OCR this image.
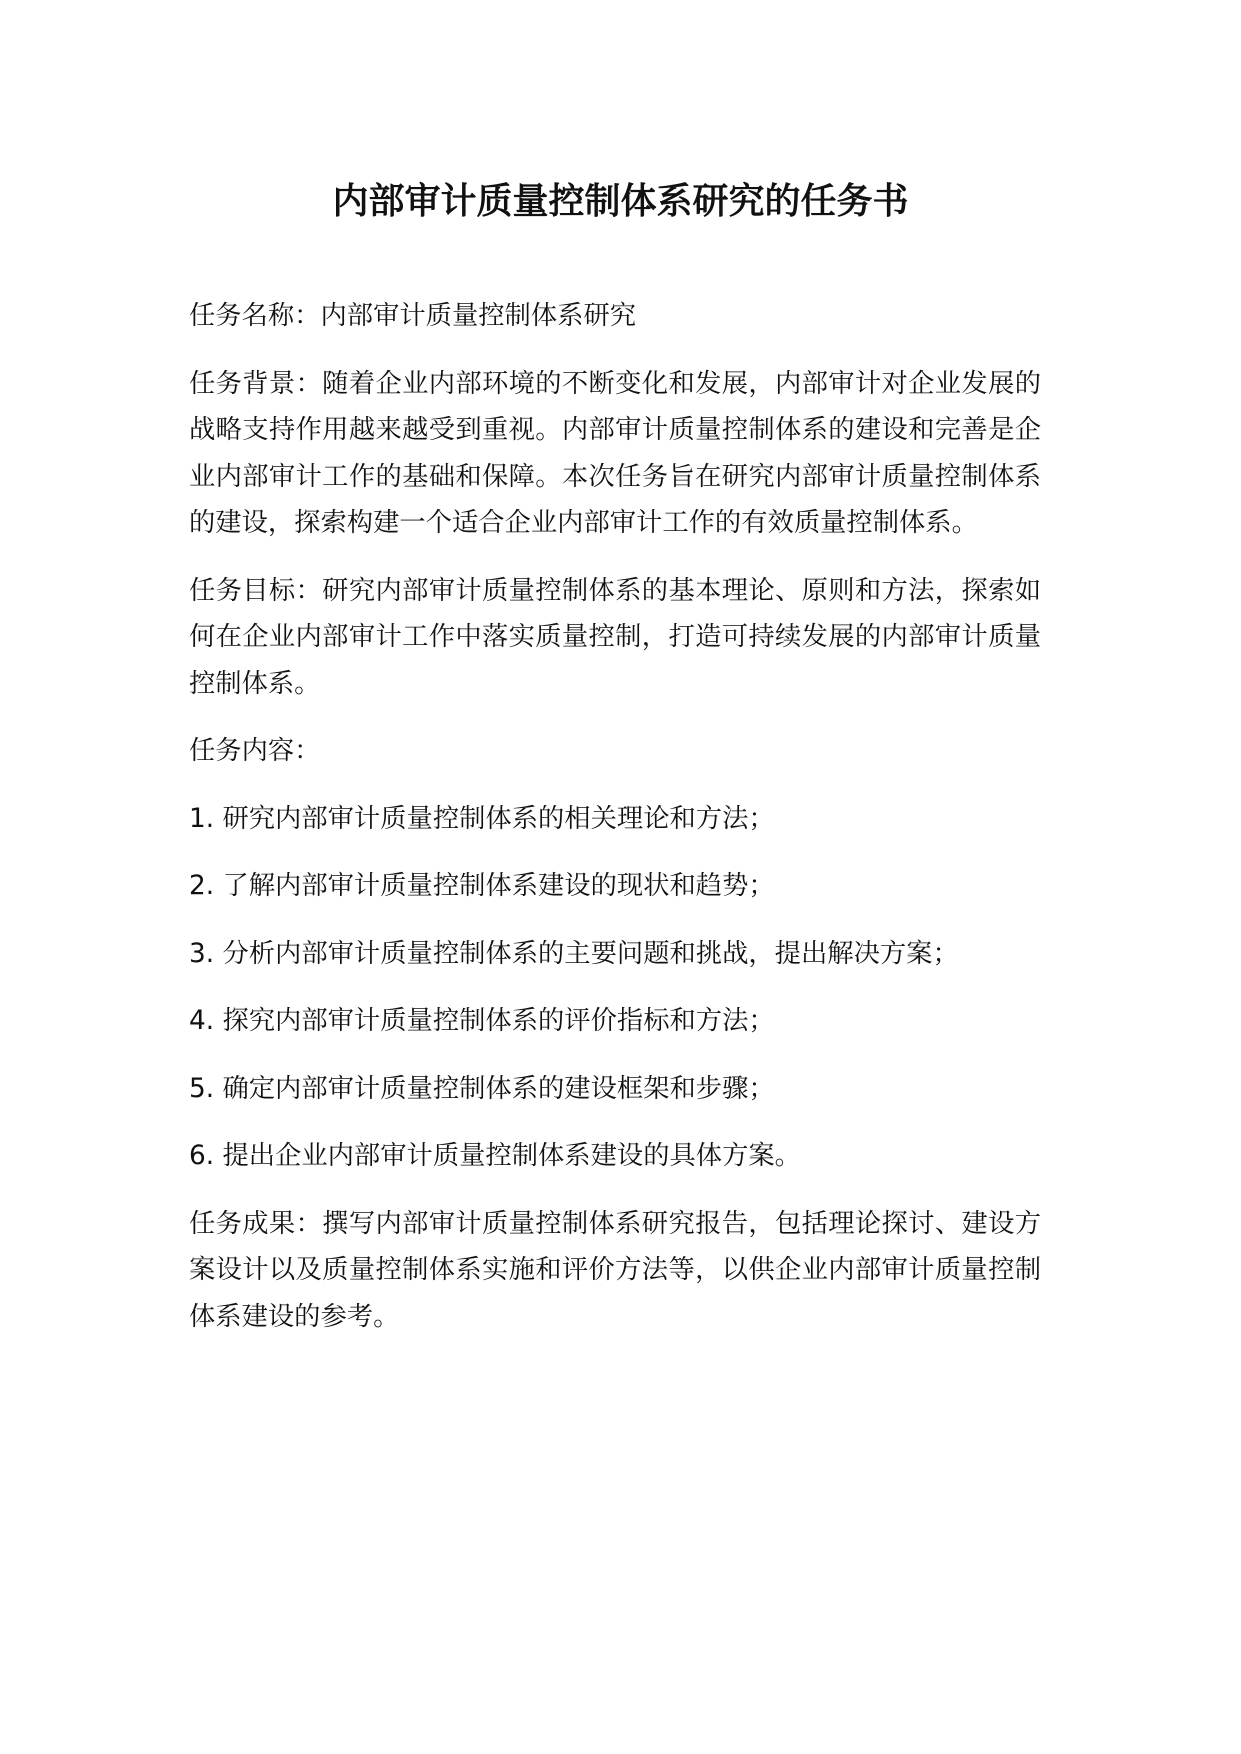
内部审计质量控制体系研究的任务书

任务名称：内部审计质量控制体系研究

任务背景：随着企业内部环境的不断变化和发展，内部审计对企业发展的战略支持作用越来越受到重视。内部审计质量控制体系的建设和完善是企业内部审计工作的基础和保障。本次任务旨在研究内部审计质量控制体系的建设，探索构建一个适合企业内部审计工作的有效质量控制体系。

任务目标：研究内部审计质量控制体系的基本理论、原则和方法，探索如何在企业内部审计工作中落实质量控制，打造可持续发展的内部审计质量控制体系。

任务内容：

1. 研究内部审计质量控制体系的相关理论和方法；

2. 了解内部审计质量控制体系建设的现状和趋势；

3. 分析内部审计质量控制体系的主要问题和挑战，提出解决方案；

4. 探究内部审计质量控制体系的评价指标和方法；

5. 确定内部审计质量控制体系的建设框架和步骤；

6. 提出企业内部审计质量控制体系建设的具体方案。

任务成果：撰写内部审计质量控制体系研究报告，包括理论探讨、建设方案设计以及质量控制体系实施和评价方法等，以供企业内部审计质量控制体系建设的参考。
